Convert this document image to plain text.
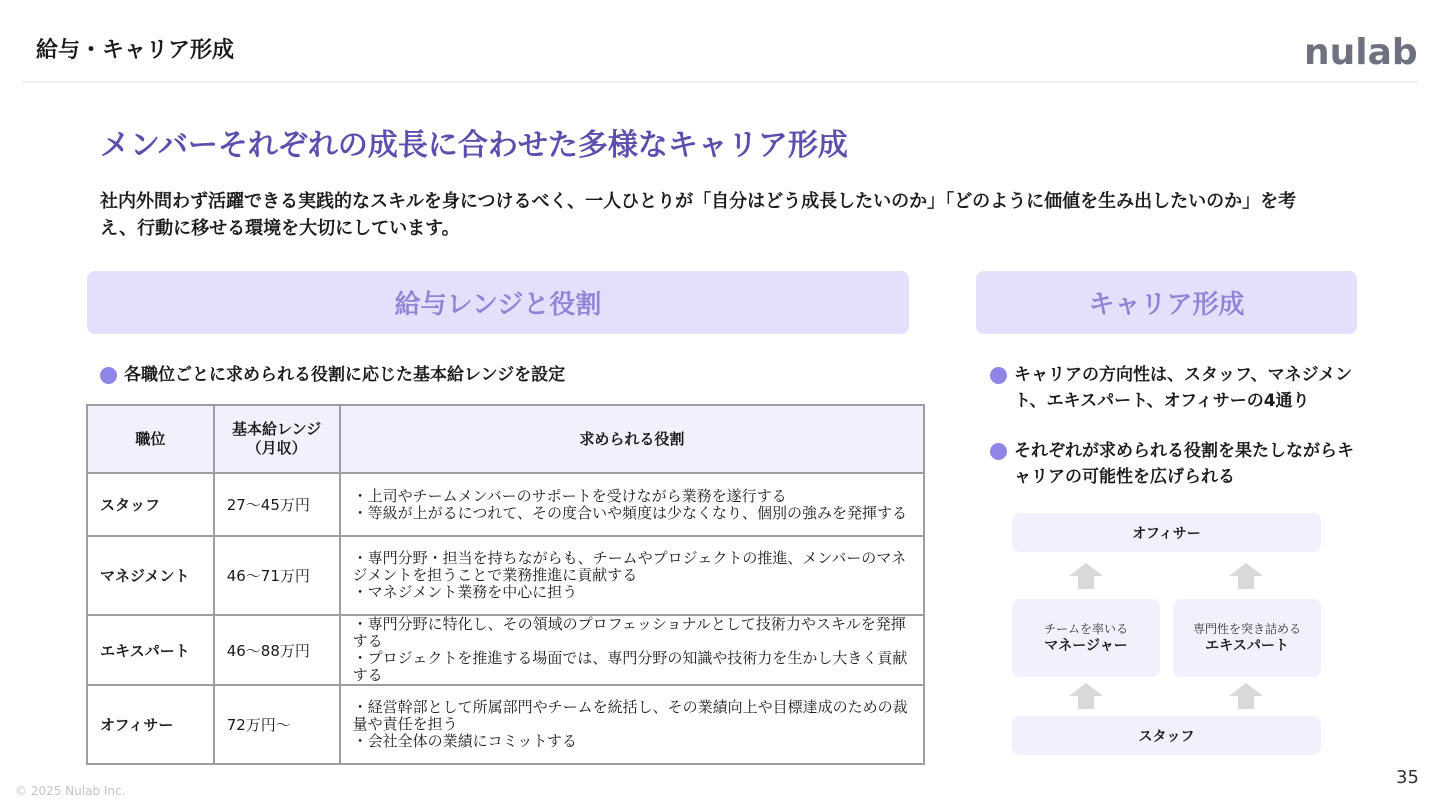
給与・キャリア形成	nulab
メンバーそれぞれの成長に合わせた多様なキャリア形成
社内外問わず活躍できる実践的なスキルを身につけるべく、一人ひとりが「自分はどう成長したいのか」「どのように価値を生み出したいのか」を考え、行動に移せる環境を大切にしています。
給与レンジと役割	キャリア形成
各職位ごとに求められる役割に応じた基本給レンジを設定
職位	基本給レンジ（月収）	求められる役割
スタッフ	27〜45万円	・上司やチームメンバーのサポートを受けながら業務を遂行する
・等級が上がるにつれて、その度合いや頻度は少なくなり、個別の強みを発揮する

マネジメント	46〜71万円	・専門分野・担当を持ちながらも、チームやプロジェクトの推進、メンバーのマネジメントを担うことで業務推進に貢献する
・マネジメント業務を中心に担う

エキスパート	46〜88万円	・専門分野に特化し、その領域のプロフェッショナルとして技術力やスキルを発揮する
・プロジェクトを推進する場面では、専門分野の知識や技術力を生かし大きく貢献する

オフィサー	72万円〜	・経営幹部として所属部門やチームを統括し、その業績向上や目標達成のための裁量や責任を担う
・会社全体の業績にコミットする
キャリアの方向性は、スタッフ、マネジメント、エキスパート、オフィサーの4通り
それぞれが求められる役割を果たしながらキャリアの可能性を広げられる
オフィサー
チームを率いる
マネージャー
専門性を突き詰める
エキスパート
スタッフ
© 2025 Nulab Inc.
35
